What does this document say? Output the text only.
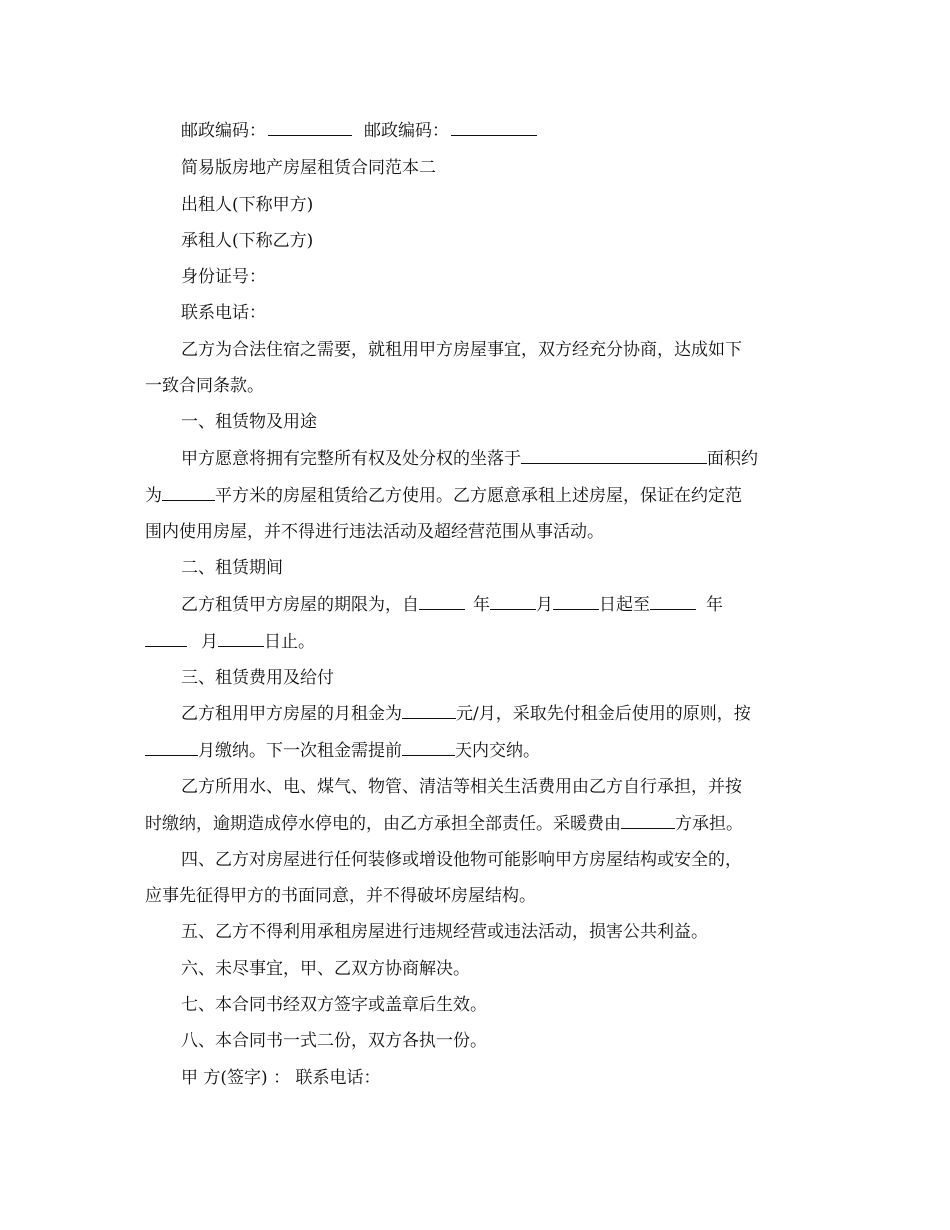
邮政编码：	邮政编码：
简易版房地产房屋租赁合同范本二
出租人(下称甲方)
承租人(下称乙方)
身份证号：
联系电话：
乙方为合法住宿之需要，就租用甲方房屋事宜，双方经充分协商，达成如下
一致合同条款。
一、租赁物及用途
甲方愿意将拥有完整所有权及处分权的坐落于	面积约
为	平方米的房屋租赁给乙方使用。乙方愿意承租上述房屋，保证在约定范
围内使用房屋，并不得进行违法活动及超经营范围从事活动。
二、租赁期间
乙方租赁甲方房屋的期限为，自	年	月	日起至	年
月	日止。
三、租赁费用及给付
乙方租用甲方房屋的月租金为	元/月，采取先付租金后使用的原则，按
月缴纳。下一次租金需提前	天内交纳。
乙方所用水、电、煤气、物管、清洁等相关生活费用由乙方自行承担，并按
时缴纳，逾期造成停水停电的，由乙方承担全部责任。采暖费由	方承担。
四、乙方对房屋进行任何装修或增设他物可能影响甲方房屋结构或安全的，
应事先征得甲方的书面同意，并不得破坏房屋结构。
五、乙方不得利用承租房屋进行违规经营或违法活动，损害公共利益。
六、未尽事宜，甲、乙双方协商解决。
七、本合同书经双方签字或盖章后生效。
八、本合同书一式二份，双方各执一份。
甲 方(签字) ： 联系电话：
